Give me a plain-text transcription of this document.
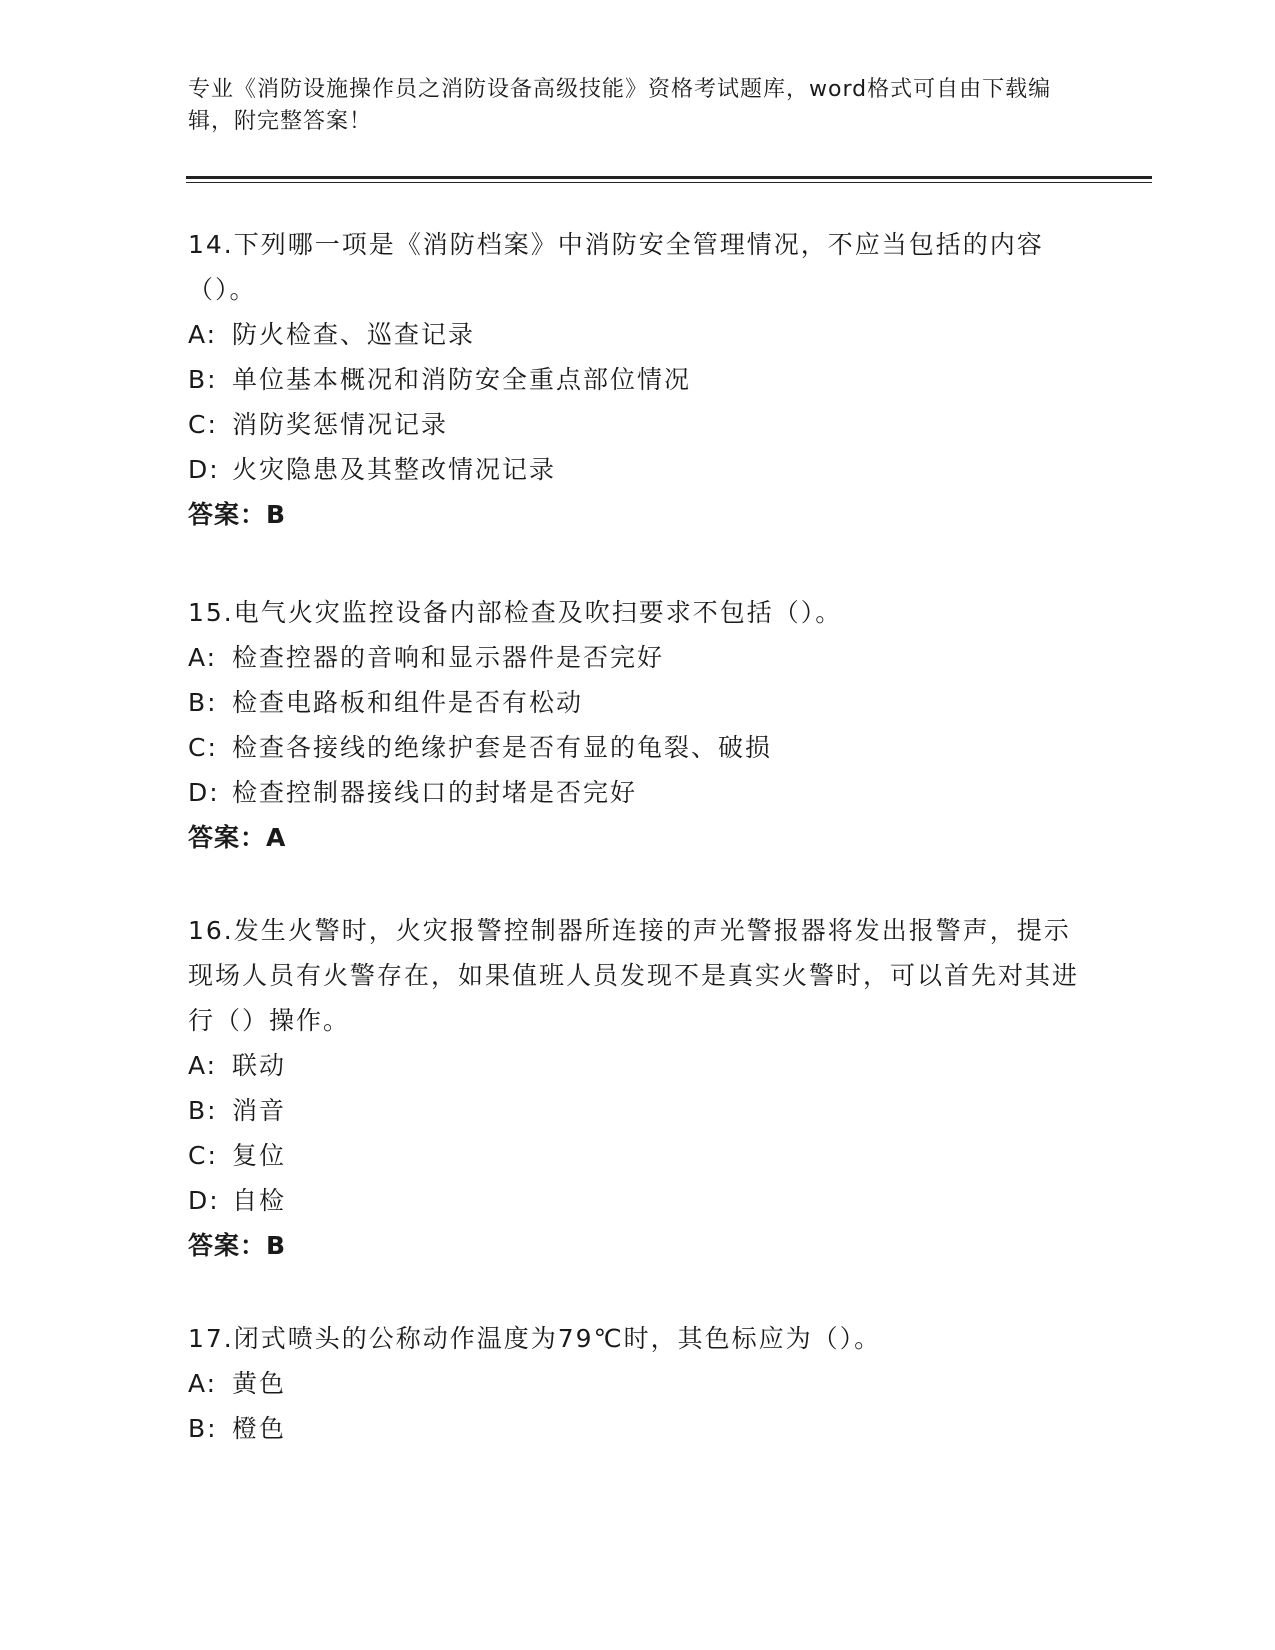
专业《消防设施操作员之消防设备高级技能》资格考试题库，word格式可自由下载编辑，附完整答案！
14.下列哪一项是《消防档案》中消防安全管理情况，不应当包括的内容（）。
A: 防火检查、巡查记录
B: 单位基本概况和消防安全重点部位情况
C: 消防奖惩情况记录
D: 火灾隐患及其整改情况记录
答案：B
15.电气火灾监控设备内部检查及吹扫要求不包括（）。
A: 检查控器的音响和显示器件是否完好
B: 检查电路板和组件是否有松动
C: 检查各接线的绝缘护套是否有显的龟裂、破损
D: 检查控制器接线口的封堵是否完好
答案：A
16.发生火警时，火灾报警控制器所连接的声光警报器将发出报警声，提示现场人员有火警存在，如果值班人员发现不是真实火警时，可以首先对其进行（）操作。
A: 联动
B: 消音
C: 复位
D: 自检
答案：B
17.闭式喷头的公称动作温度为79℃时，其色标应为（）。
A: 黄色
B: 橙色
